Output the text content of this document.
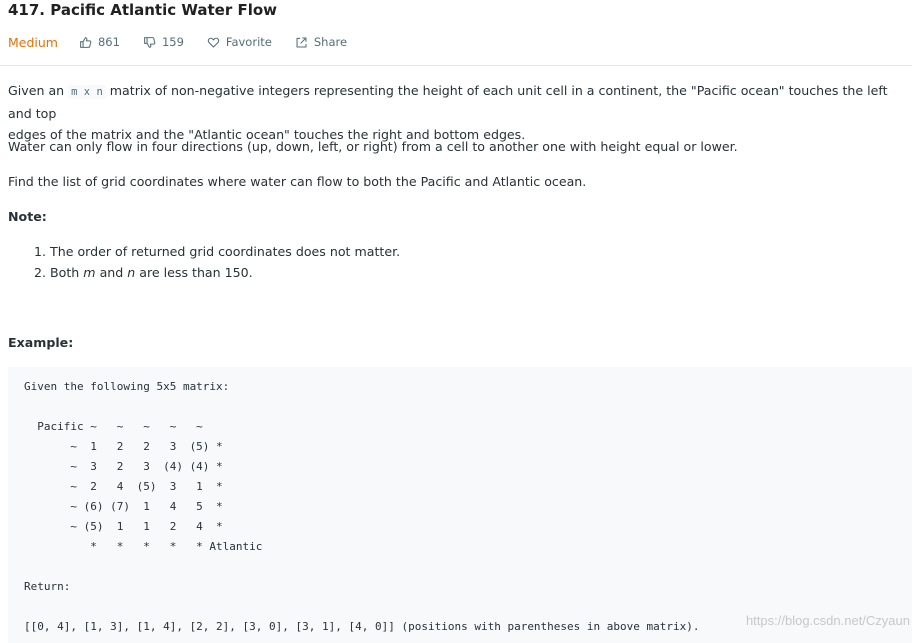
417. Pacific Atlantic Water Flow
Medium	861	159	Favorite	Share
Given an m x n matrix of non-negative integers representing the height of each unit cell in a continent, the "Pacific ocean" touches the left and top
edges of the matrix and the "Atlantic ocean" touches the right and bottom edges.
Water can only flow in four directions (up, down, left, or right) from a cell to another one with height equal or lower.
Find the list of grid coordinates where water can flow to both the Pacific and Atlantic ocean.
Note:
1. The order of returned grid coordinates does not matter.
2. Both m and n are less than 150.
Example:
Given the following 5x5 matrix:
Pacific ~   ~   ~   ~   ~
~  1   2   2   3  (5) *
~  3   2   3  (4) (4) *
~  2   4  (5)  3   1  *
~ (6) (7)  1   4   5  *
~ (5)  1   1   2   4  *
*   *   *   *   * Atlantic
Return:
[[0, 4], [1, 3], [1, 4], [2, 2], [3, 0], [3, 1], [4, 0]] (positions with parentheses in above matrix).	https://blog.csdn.net/Czyaun
